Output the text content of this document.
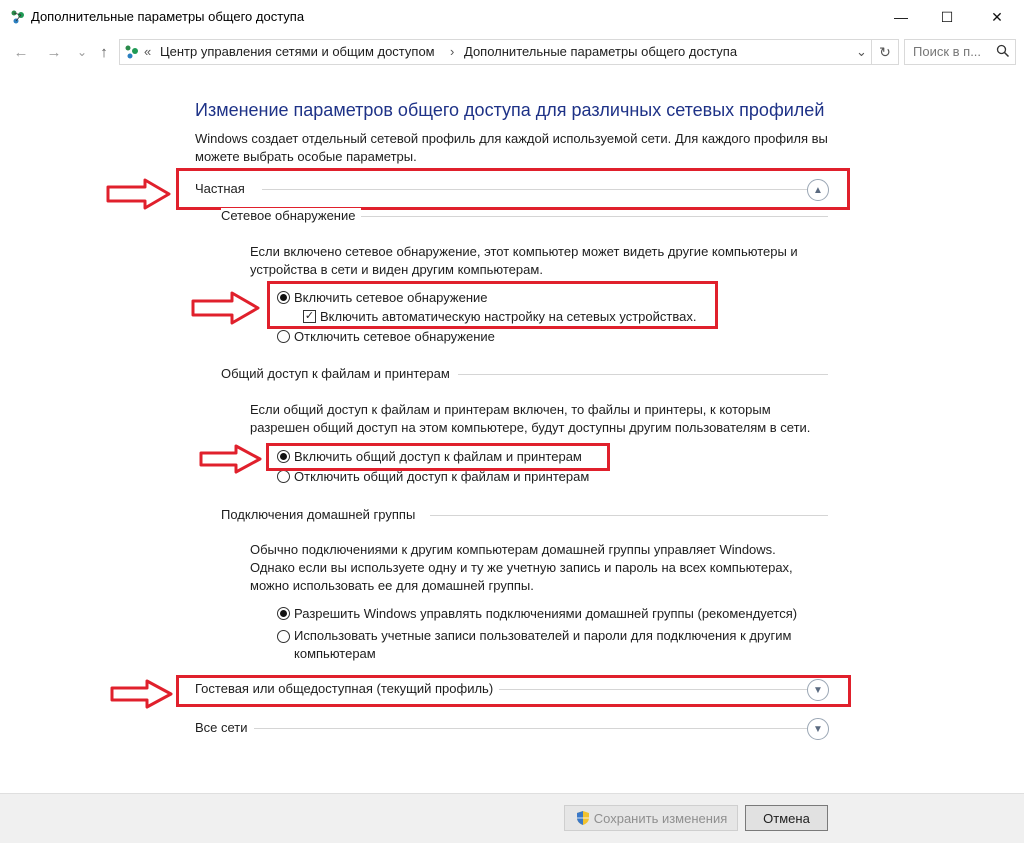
Дополнительные параметры общего доступа	—	☐	✕
←	→	⌄ ↑	« Центр управления сетями и общим доступом › Дополнительные параметры общего доступа	⌄ ↻	Поиск в п...
Изменение параметров общего доступа для различных сетевых профилей
Windows создает отдельный сетевой профиль для каждой используемой сети. Для каждого профиля вы можете выбрать особые параметры.
Частная	▲
Сетевое обнаружение
Если включено сетевое обнаружение, этот компьютер может видеть другие компьютеры и устройства в сети и виден другим компьютерам.
Включить сетевое обнаружение
✓ Включить автоматическую настройку на сетевых устройствах.
Отключить сетевое обнаружение
Общий доступ к файлам и принтерам
Если общий доступ к файлам и принтерам включен, то файлы и принтеры, к которым разрешен общий доступ на этом компьютере, будут доступны другим пользователям в сети.
Включить общий доступ к файлам и принтерам
Отключить общий доступ к файлам и принтерам
Подключения домашней группы
Обычно подключениями к другим компьютерам домашней группы управляет Windows. Однако если вы используете одну и ту же учетную запись и пароль на всех компьютерах, можно использовать ее для домашней группы.
Разрешить Windows управлять подключениями домашней группы (рекомендуется)
Использовать учетные записи пользователей и пароли для подключения к другим компьютерам
Гостевая или общедоступная (текущий профиль)	▼
Все сети	▼
Сохранить изменения	Отмена
